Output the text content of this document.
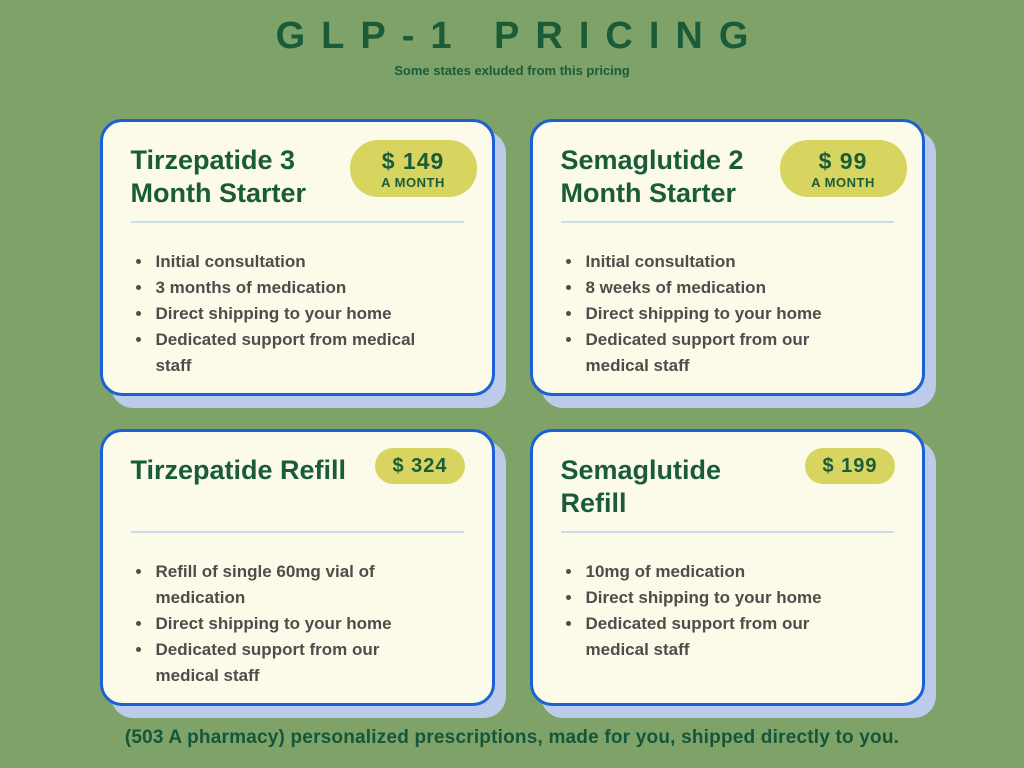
GLP-1 PRICING
Some states exluded from this pricing
Tirzepatide 3 Month Starter
$ 149
A MONTH
• Initial consultation
• 3 months of medication
• Direct shipping to your home
• Dedicated support from medical staff
Semaglutide 2 Month Starter
$ 99
A MONTH
• Initial consultation
• 8 weeks of medication
• Direct shipping to your home
• Dedicated support from our medical staff
Tirzepatide Refill	$ 324
• Refill of single 60mg vial of medication
• Direct shipping to your home
• Dedicated support from our medical staff
Semaglutide Refill
$ 199
• 10mg of medication
• Direct shipping to your home
• Dedicated support from our medical staff
(503 A pharmacy) personalized prescriptions, made for you, shipped directly to you.
